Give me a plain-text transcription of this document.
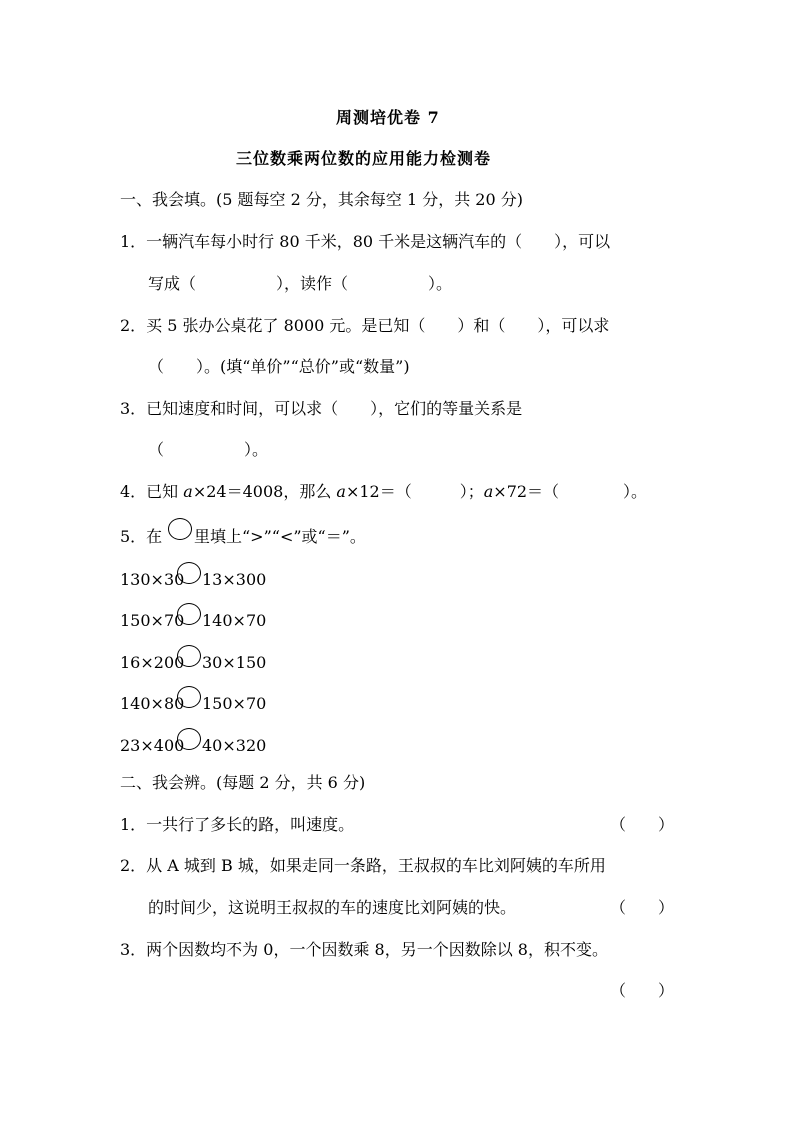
周测培优卷 7
三位数乘两位数的应用能力检测卷
一、我会填。(5 题每空 2 分，其余每空 1 分，共 20 分)
1．一辆汽车每小时行 80 千米，80 千米是这辆汽车的（　　），可以
写成（　　　　　），读作（　　　　　）。
2．买 5 张办公桌花了 8000 元。是已知（　　）和（　　），可以求
（　　）。(填“单价”“总价”或“数量”)
3．已知速度和时间，可以求（　　），它们的等量关系是
（　　　　　）。
4．已知 a×24＝4008，那么 a×12＝（　　　）；a×72＝（　　　　）。
5．在 里填上“>”“<”或“＝”。
130×30 13×300
150×70 140×70
16×200 30×150
140×80 150×70
23×400 40×320
二、我会辨。(每题 2 分，共 6 分)
1．一共行了多长的路，叫速度。	（　　）
2．从 A 城到 B 城，如果走同一条路，王叔叔的车比刘阿姨的车所用
的时间少，这说明王叔叔的车的速度比刘阿姨的快。	（　　）
3．两个因数均不为 0，一个因数乘 8，另一个因数除以 8，积不变。
（　　）
